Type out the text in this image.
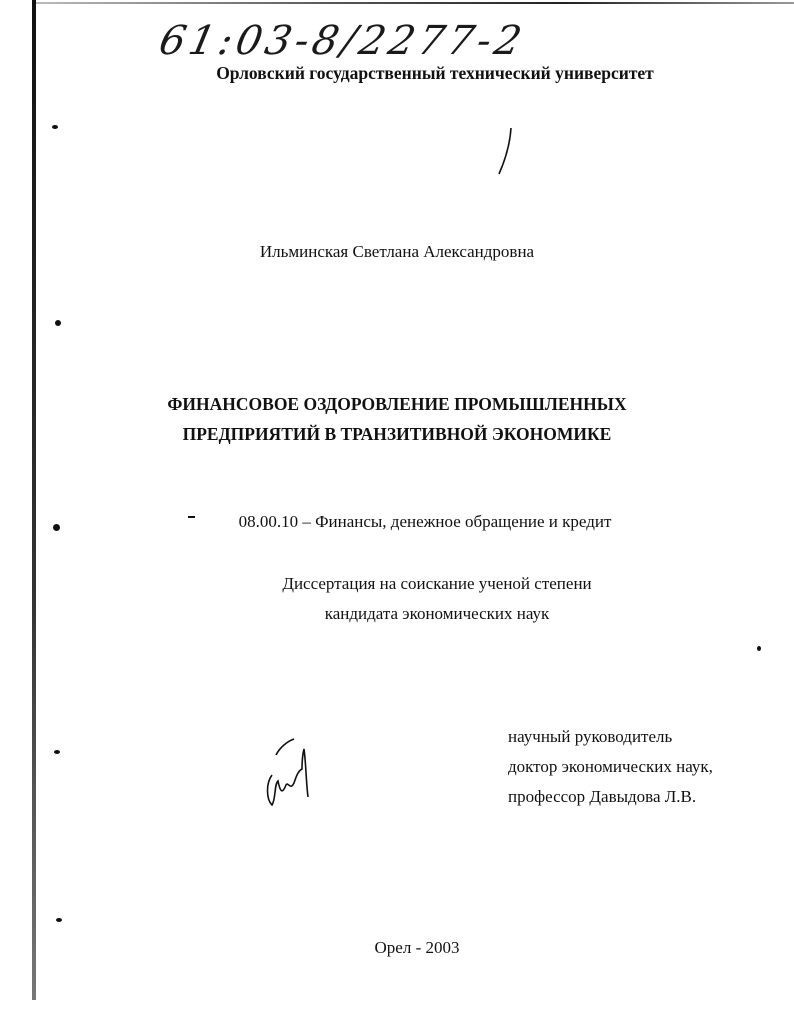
61:03-8/2277-2
Орловский государственный технический университет
Ильминская Светлана Александровна
ФИНАНСОВОЕ ОЗДОРОВЛЕНИЕ ПРОМЫШЛЕННЫХ
ПРЕДПРИЯТИЙ В ТРАНЗИТИВНОЙ ЭКОНОМИКЕ
08.00.10 – Финансы, денежное обращение и кредит
Диссертация на соискание ученой степени
кандидата экономических наук
научный руководитель
доктор экономических наук,
профессор Давыдова Л.В.
Орел - 2003
